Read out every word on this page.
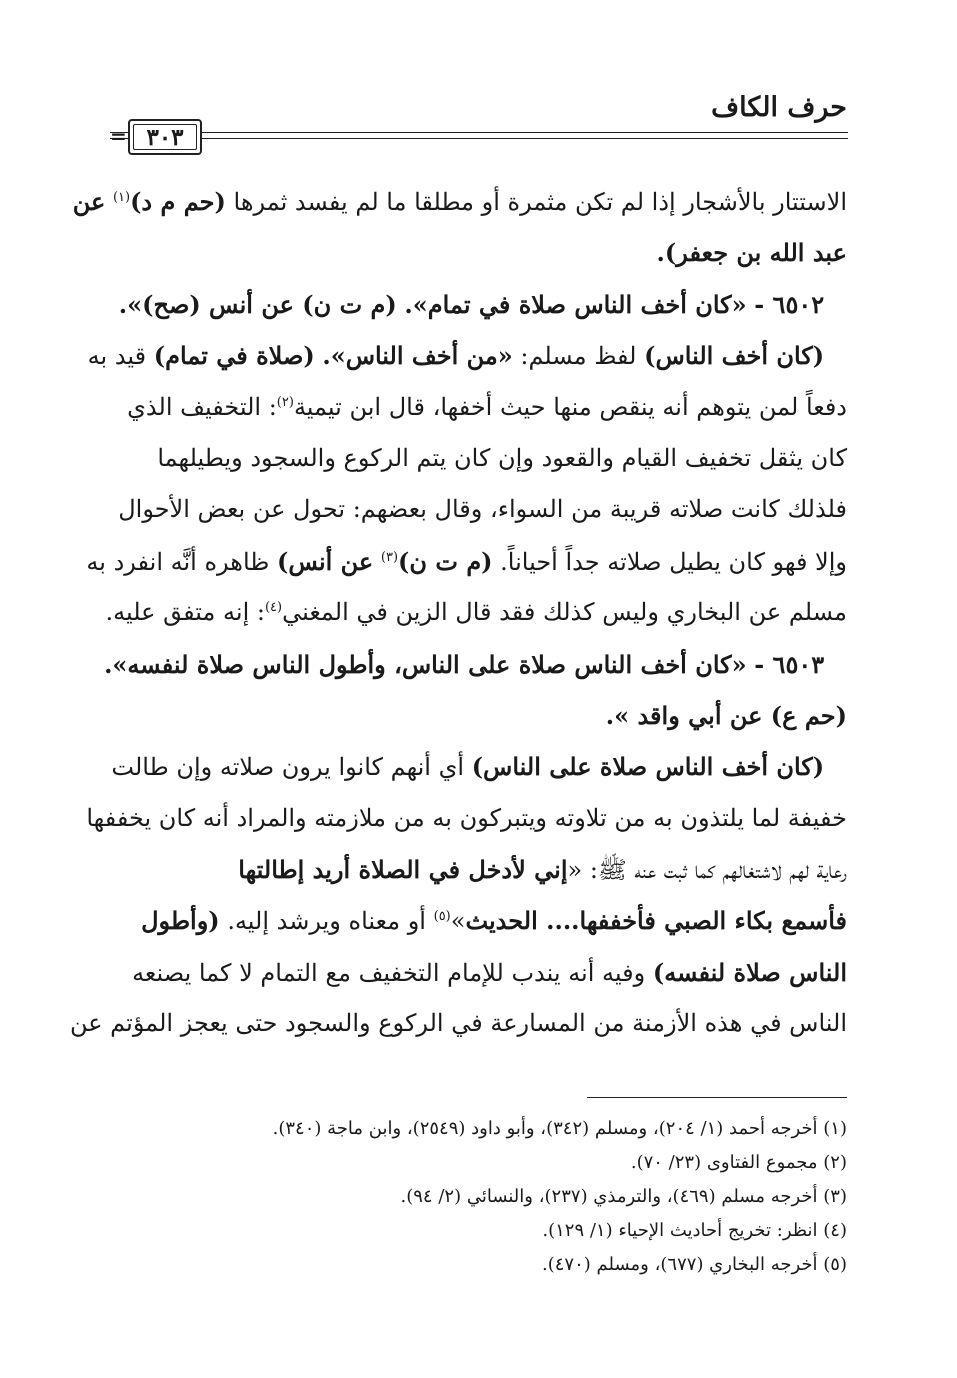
حرف الكاف
= ٣٠٣
الاستتار بالأشجار إذا لم تكن مثمرة أو مطلقا ما لم يفسد ثمرها (حم م د)$^{(١)}$ عن
عبد الله بن جعفر).
٦٥٠٢ - «كان أخف الناس صلاة في تمام». (م ت ن) عن أنس (صح)».
(كان أخف الناس) لفظ مسلم: «من أخف الناس». (صلاة في تمام) قيد به
دفعاً لمن يتوهم أنه ينقص منها حيث أخفها، قال ابن تيمية$^{(٢)}$: التخفيف الذي
كان يثقل تخفيف القيام والقعود وإن كان يتم الركوع والسجود ويطيلهما
فلذلك كانت صلاته قريبة من السواء، وقال بعضهم: تحول عن بعض الأحوال
وإلا فهو كان يطيل صلاته جداً أحياناً. (م ت ن)$^{(٣)}$ عن أنس) ظاهره أنَّه انفرد به
مسلم عن البخاري وليس كذلك فقد قال الزين في المغني$^{(٤)}$: إنه متفق عليه.
٦٥٠٣ - «كان أخف الناس صلاة على الناس، وأطول الناس صلاة لنفسه».
(حم ع) عن أبي واقد ».
(كان أخف الناس صلاة على الناس) أي أنهم كانوا يرون صلاته وإن طالت
خفيفة لما يلتذون به من تلاوته ويتبركون به من ملازمته والمراد أنه كان يخففها
رعاية لهم لاشتغالهم كما ثبت عنه ﷺ: «إني لأدخل في الصلاة أريد إطالتها
فأسمع بكاء الصبي فأخففها.... الحديث»$^{(٥)}$ أو معناه ويرشد إليه. (وأطول
الناس صلاة لنفسه) وفيه أنه يندب للإمام التخفيف مع التمام لا كما يصنعه
الناس في هذه الأزمنة من المسارعة في الركوع والسجود حتى يعجز المؤتم عن
(١) أخرجه أحمد (١/ ٢٠٤)، ومسلم (٣٤٢)، وأبو داود (٢٥٤٩)، وابن ماجة (٣٤٠).
(٢) مجموع الفتاوى (٢٣/ ٧٠).
(٣) أخرجه مسلم (٤٦٩)، والترمذي (٢٣٧)، والنسائي (٢/ ٩٤).
(٤) انظر: تخريج أحاديث الإحياء (١/ ١٢٩).
(٥) أخرجه البخاري (٦٧٧)، ومسلم (٤٧٠).
